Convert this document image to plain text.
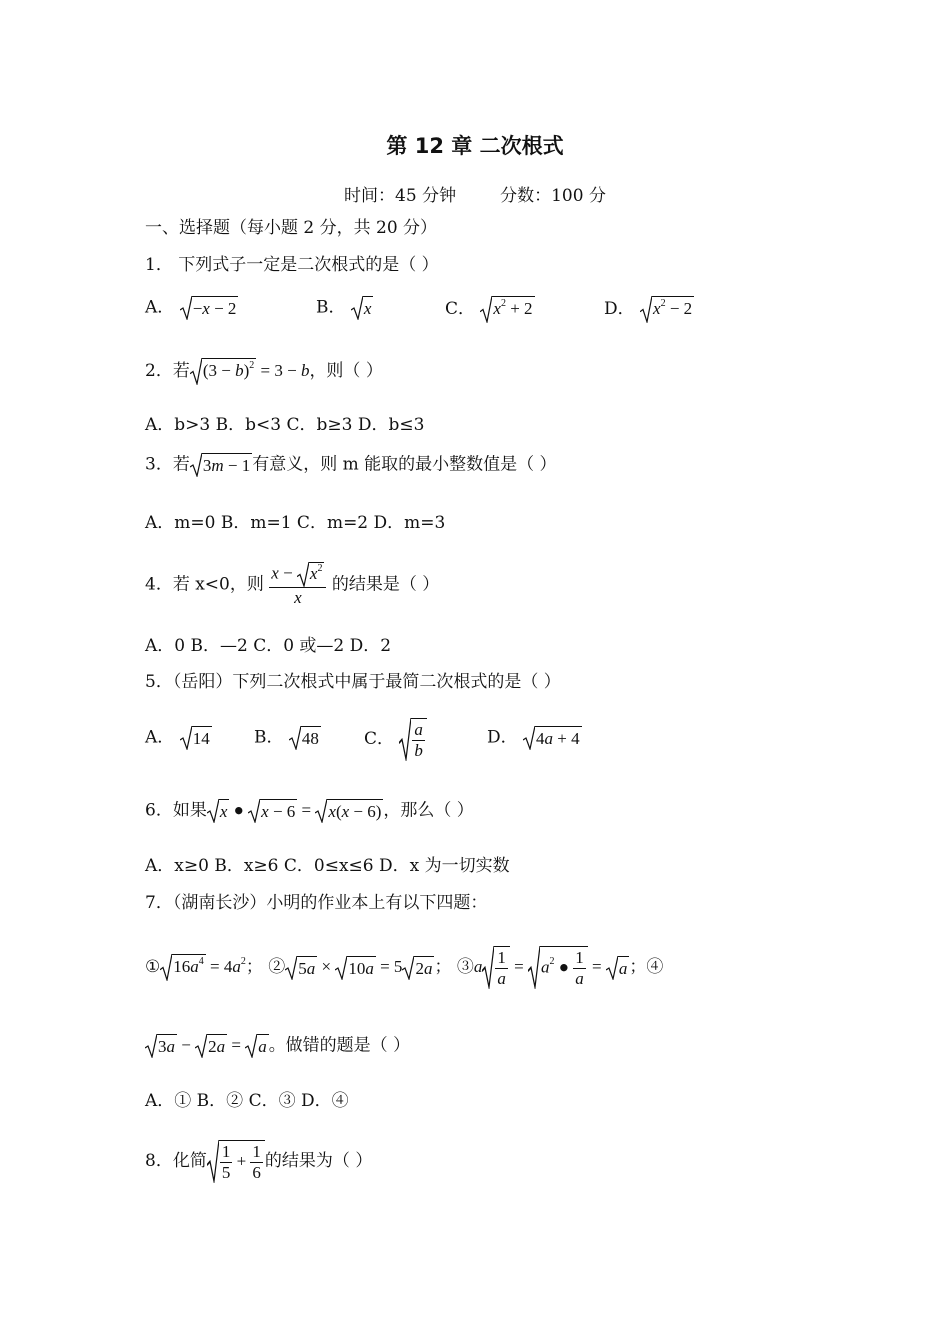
第 12 章 二次根式
时间：45 分钟	分数：100 分
一、选择题（每小题 2 分，共 20 分）
1． 下列式子一定是二次根式的是（ ）
A． −x − 2	B． x	C． $x^2 + 2$	D． $x^2 - 2$
2．若 $(3 - b)^2 = 3 - b$，则（ ）
A．b>3 B．b<3 C．b≥3 D．b≤3
3．若 3m − 1 有意义，则 m 能取的最小整数值是（ ）
A．m=0 B．m=1 C．m=2 D．m=3
4．若 x<0，则 $\frac{x - x^2}{x}$ 的结果是（ ）
A．0 B．—2 C．0 或—2 D．2
5．（岳阳）下列二次根式中属于最简二次根式的是（ ）
A． 14	B． 48	C． $\frac{a}{b}$	D． 4a + 4
6．如果 x ● x − 6 = x(x − 6) ，那么（ ）
A．x≥0 B．x≥6 C．0≤x≤6 D．x 为一切实数
7．（湖南长沙）小明的作业本上有以下四题：
① $16a^4 = 4a^2$； ② 5a × 10a = 5 2a ； ③a $\frac{1}{a} = a^2$ ● $\frac{1}{a} = a$ ；④
3a − 2a = a 。做错的题是（ ）
A．① B．② C．③ D．④
8．化简 $\frac{1}{5} + \frac{1}{6}$ 的结果为（ ）
